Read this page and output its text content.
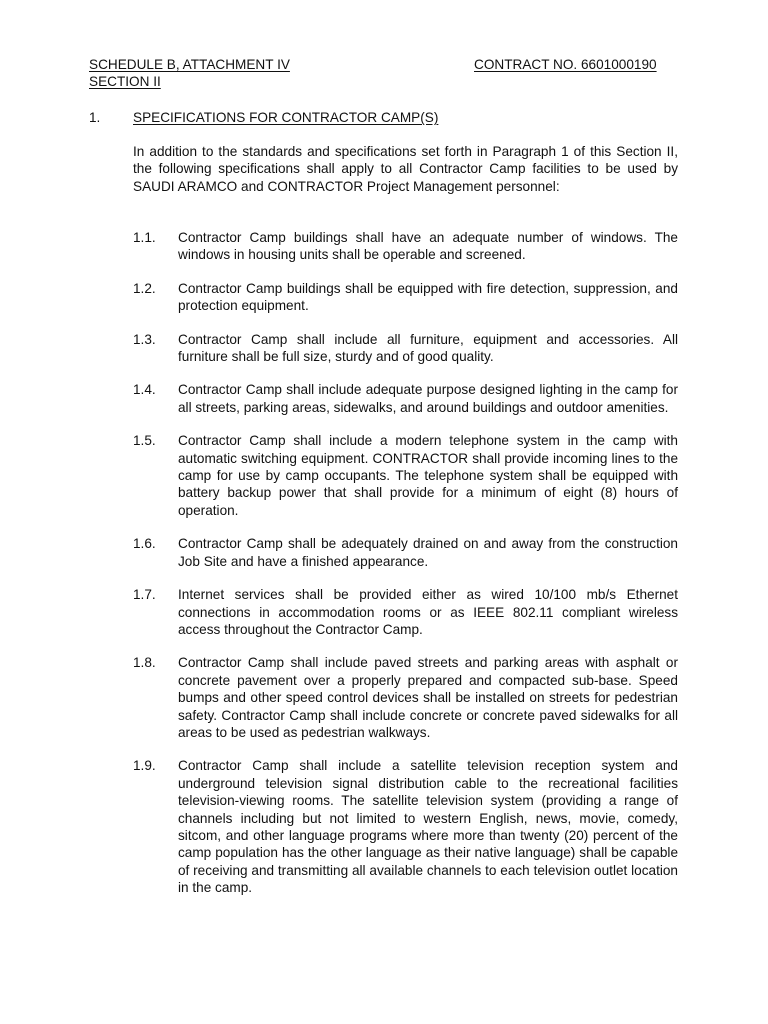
SCHEDULE B, ATTACHMENT IV
SECTION II
CONTRACT NO. 6601000190
1. SPECIFICATIONS FOR CONTRACTOR CAMP(S)
In addition to the standards and specifications set forth in Paragraph 1 of this Section II, the following specifications shall apply to all Contractor Camp facilities to be used by SAUDI ARAMCO and CONTRACTOR Project Management personnel:
1.1.	Contractor Camp buildings shall have an adequate number of windows. The windows in housing units shall be operable and screened.
1.2.	Contractor Camp buildings shall be equipped with fire detection, suppression, and protection equipment.
1.3.	Contractor Camp shall include all furniture, equipment and accessories. All furniture shall be full size, sturdy and of good quality.
1.4.	Contractor Camp shall include adequate purpose designed lighting in the camp for all streets, parking areas, sidewalks, and around buildings and outdoor amenities.
1.5.	Contractor Camp shall include a modern telephone system in the camp with automatic switching equipment. CONTRACTOR shall provide incoming lines to the camp for use by camp occupants. The telephone system shall be equipped with battery backup power that shall provide for a minimum of eight (8) hours of operation.
1.6.	Contractor Camp shall be adequately drained on and away from the construction Job Site and have a finished appearance.
1.7.	Internet services shall be provided either as wired 10/100 mb/s Ethernet connections in accommodation rooms or as IEEE 802.11 compliant wireless access throughout the Contractor Camp.
1.8.	Contractor Camp shall include paved streets and parking areas with asphalt or concrete pavement over a properly prepared and compacted sub-base. Speed bumps and other speed control devices shall be installed on streets for pedestrian safety. Contractor Camp shall include concrete or concrete paved sidewalks for all areas to be used as pedestrian walkways.
1.9.	Contractor Camp shall include a satellite television reception system and underground television signal distribution cable to the recreational facilities television-viewing rooms. The satellite television system (providing a range of channels including but not limited to western English, news, movie, comedy, sitcom, and other language programs where more than twenty (20) percent of the camp population has the other language as their native language) shall be capable of receiving and transmitting all available channels to each television outlet location in the camp.
